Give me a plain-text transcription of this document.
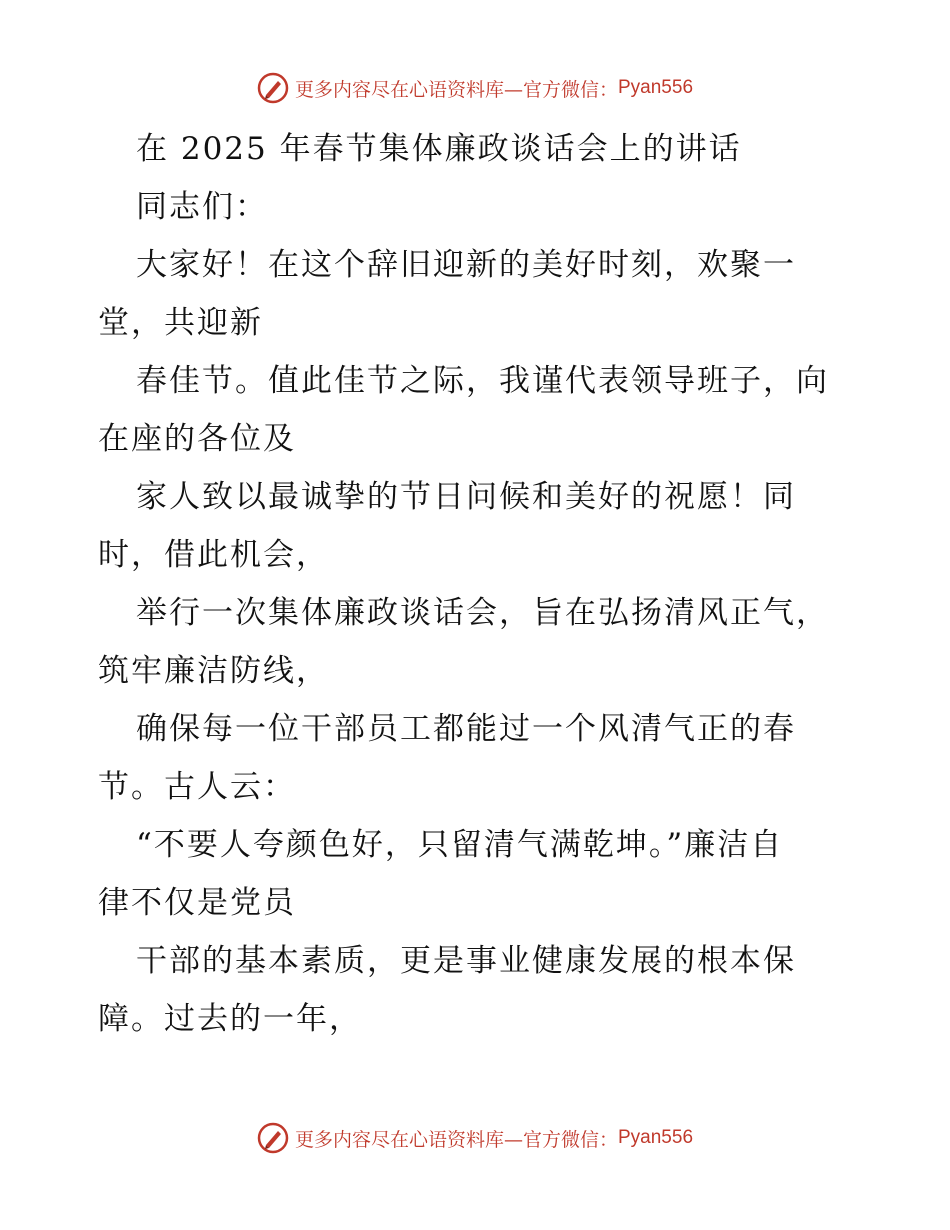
更多内容尽在心语资料库—官方微信： Pyan556
在 2025 年春节集体廉政谈话会上的讲话
同志们：
大家好！在这个辞旧迎新的美好时刻，欢聚一
堂，共迎新
春佳节。值此佳节之际，我谨代表领导班子，向
在座的各位及
家人致以最诚挚的节日问候和美好的祝愿！同
时，借此机会，
举行一次集体廉政谈话会，旨在弘扬清风正气，
筑牢廉洁防线，
确保每一位干部员工都能过一个风清气正的春
节。古人云：
“不要人夸颜色好，只留清气满乾坤。”廉洁自
律不仅是党员
干部的基本素质，更是事业健康发展的根本保
障。过去的一年，
更多内容尽在心语资料库—官方微信： Pyan556
